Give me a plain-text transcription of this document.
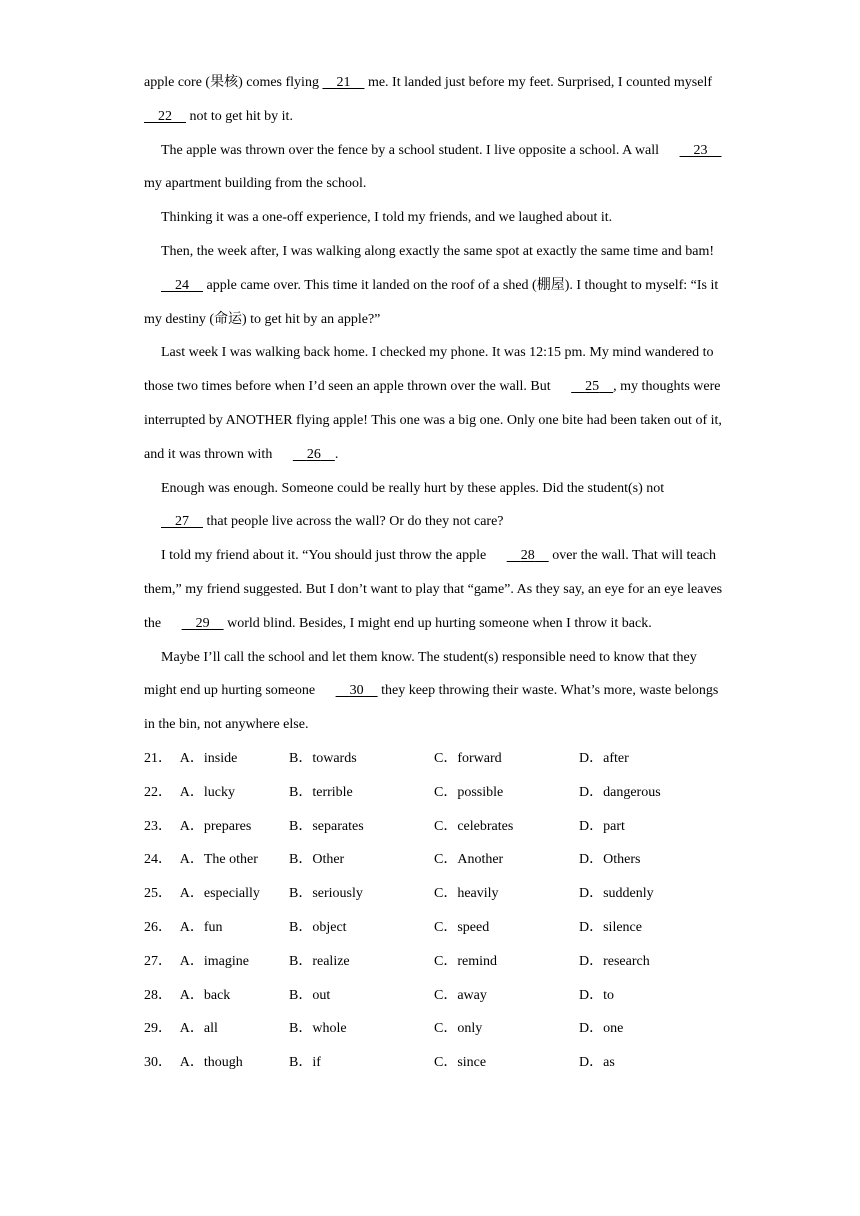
apple core (果核) comes flying     21     me. It landed just before my feet. Surprised, I counted myself     22     not to get hit by it.

The apple was thrown over the fence by a school student. I live opposite a school. A wall     23     my apartment building from the school.

Thinking it was a one-off experience, I told my friends, and we laughed about it.

Then, the week after, I was walking along exactly the same spot at exactly the same time and bam!     24     apple came over. This time it landed on the roof of a shed (棚屋). I thought to myself: “Is it my destiny (命运) to get hit by an apple?”

Last week I was walking back home. I checked my phone. It was 12:15 pm. My mind wandered to those two times before when I’d seen an apple thrown over the wall. But     25 , my thoughts were interrupted by ANOTHER flying apple! This one was a big one. Only one bite had been taken out of it, and it was thrown with     26 .

Enough was enough. Someone could be really hurt by these apples. Did the student(s) not     27     that people live across the wall? Or do they not care?

I told my friend about it. “You should just throw the apple     28     over the wall. That will teach them,” my friend suggested. But I don’t want to play that “game”. As they say, an eye for an eye leaves the     29     world blind. Besides, I might end up hurting someone when I throw it back.

Maybe I’ll call the school and let them know. The student(s) responsible need to know that they might end up hurting someone     30     they keep throwing their waste. What’s more, waste belongs in the bin, not anywhere else.

21． A．inside	B．towards	C．forward	D．after
22． A．lucky	B．terrible	C．possible	D．dangerous
23． A．prepares	B．separates	C．celebrates	D．part
24． A．The other	B．Other	C．Another	D．Others
25． A．especially	B．seriously	C．heavily	D．suddenly
26． A．fun	B．object	C．speed	D．silence
27． A．imagine	B．realize	C．remind	D．research
28． A．back	B．out	C．away	D．to
29． A．all	B．whole	C．only	D．one
30． A．though	B．if	C．since	D．as
